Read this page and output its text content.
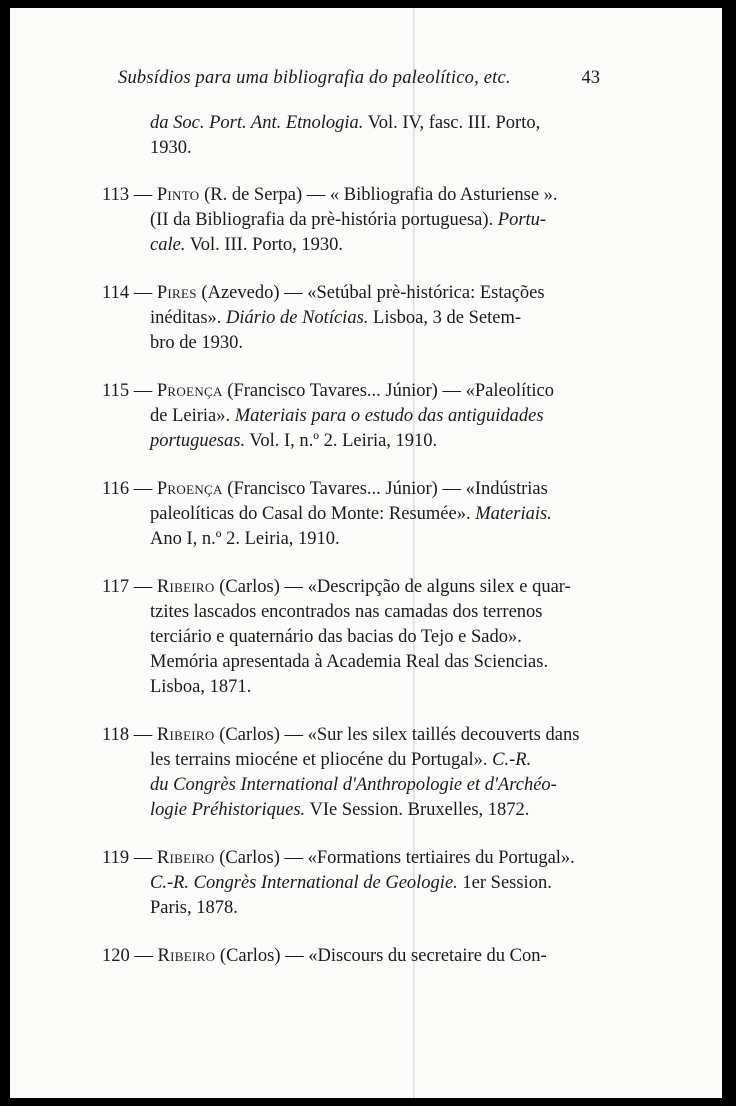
Subsídios para uma bibliografia do paleolítico, etc.	43
da Soc. Port. Ant. Etnologia. Vol. IV, fasc. III. Porto,
1930.
113 — Pinto (R. de Serpa) — « Bibliografia do Asturiense ».
(II da Bibliografia da prè-história portuguesa). Portu-
cale. Vol. III. Porto, 1930.
114 — Pires (Azevedo) — «Setúbal prè-histórica: Estações
inéditas». Diário de Notícias. Lisboa, 3 de Setem-
bro de 1930.
115 — Proença (Francisco Tavares... Júnior) — «Paleolítico
de Leiria». Materiais para o estudo das antiguidades
portuguesas. Vol. I, n.º 2. Leiria, 1910.
116 — Proença (Francisco Tavares... Júnior) — «Indústrias
paleolíticas do Casal do Monte: Resumée». Materiais.
Ano I, n.º 2. Leiria, 1910.
117 — Ribeiro (Carlos) — «Descripção de alguns silex e quar-
tzites lascados encontrados nas camadas dos terrenos
terciário e quaternário das bacias do Tejo e Sado».
Memória apresentada à Academia Real das Sciencias.
Lisboa, 1871.
118 — Ribeiro (Carlos) — «Sur les silex taillés decouverts dans
les terrains miocéne et pliocéne du Portugal». C.-R.
du Congrès International d'Anthropologie et d'Archéo-
logie Préhistoriques. VIe Session. Bruxelles, 1872.
119 — Ribeiro (Carlos) — «Formations tertiaires du Portugal».
C.-R. Congrès International de Geologie. 1er Session.
Paris, 1878.
120 — Ribeiro (Carlos) — «Discours du secretaire du Con-
